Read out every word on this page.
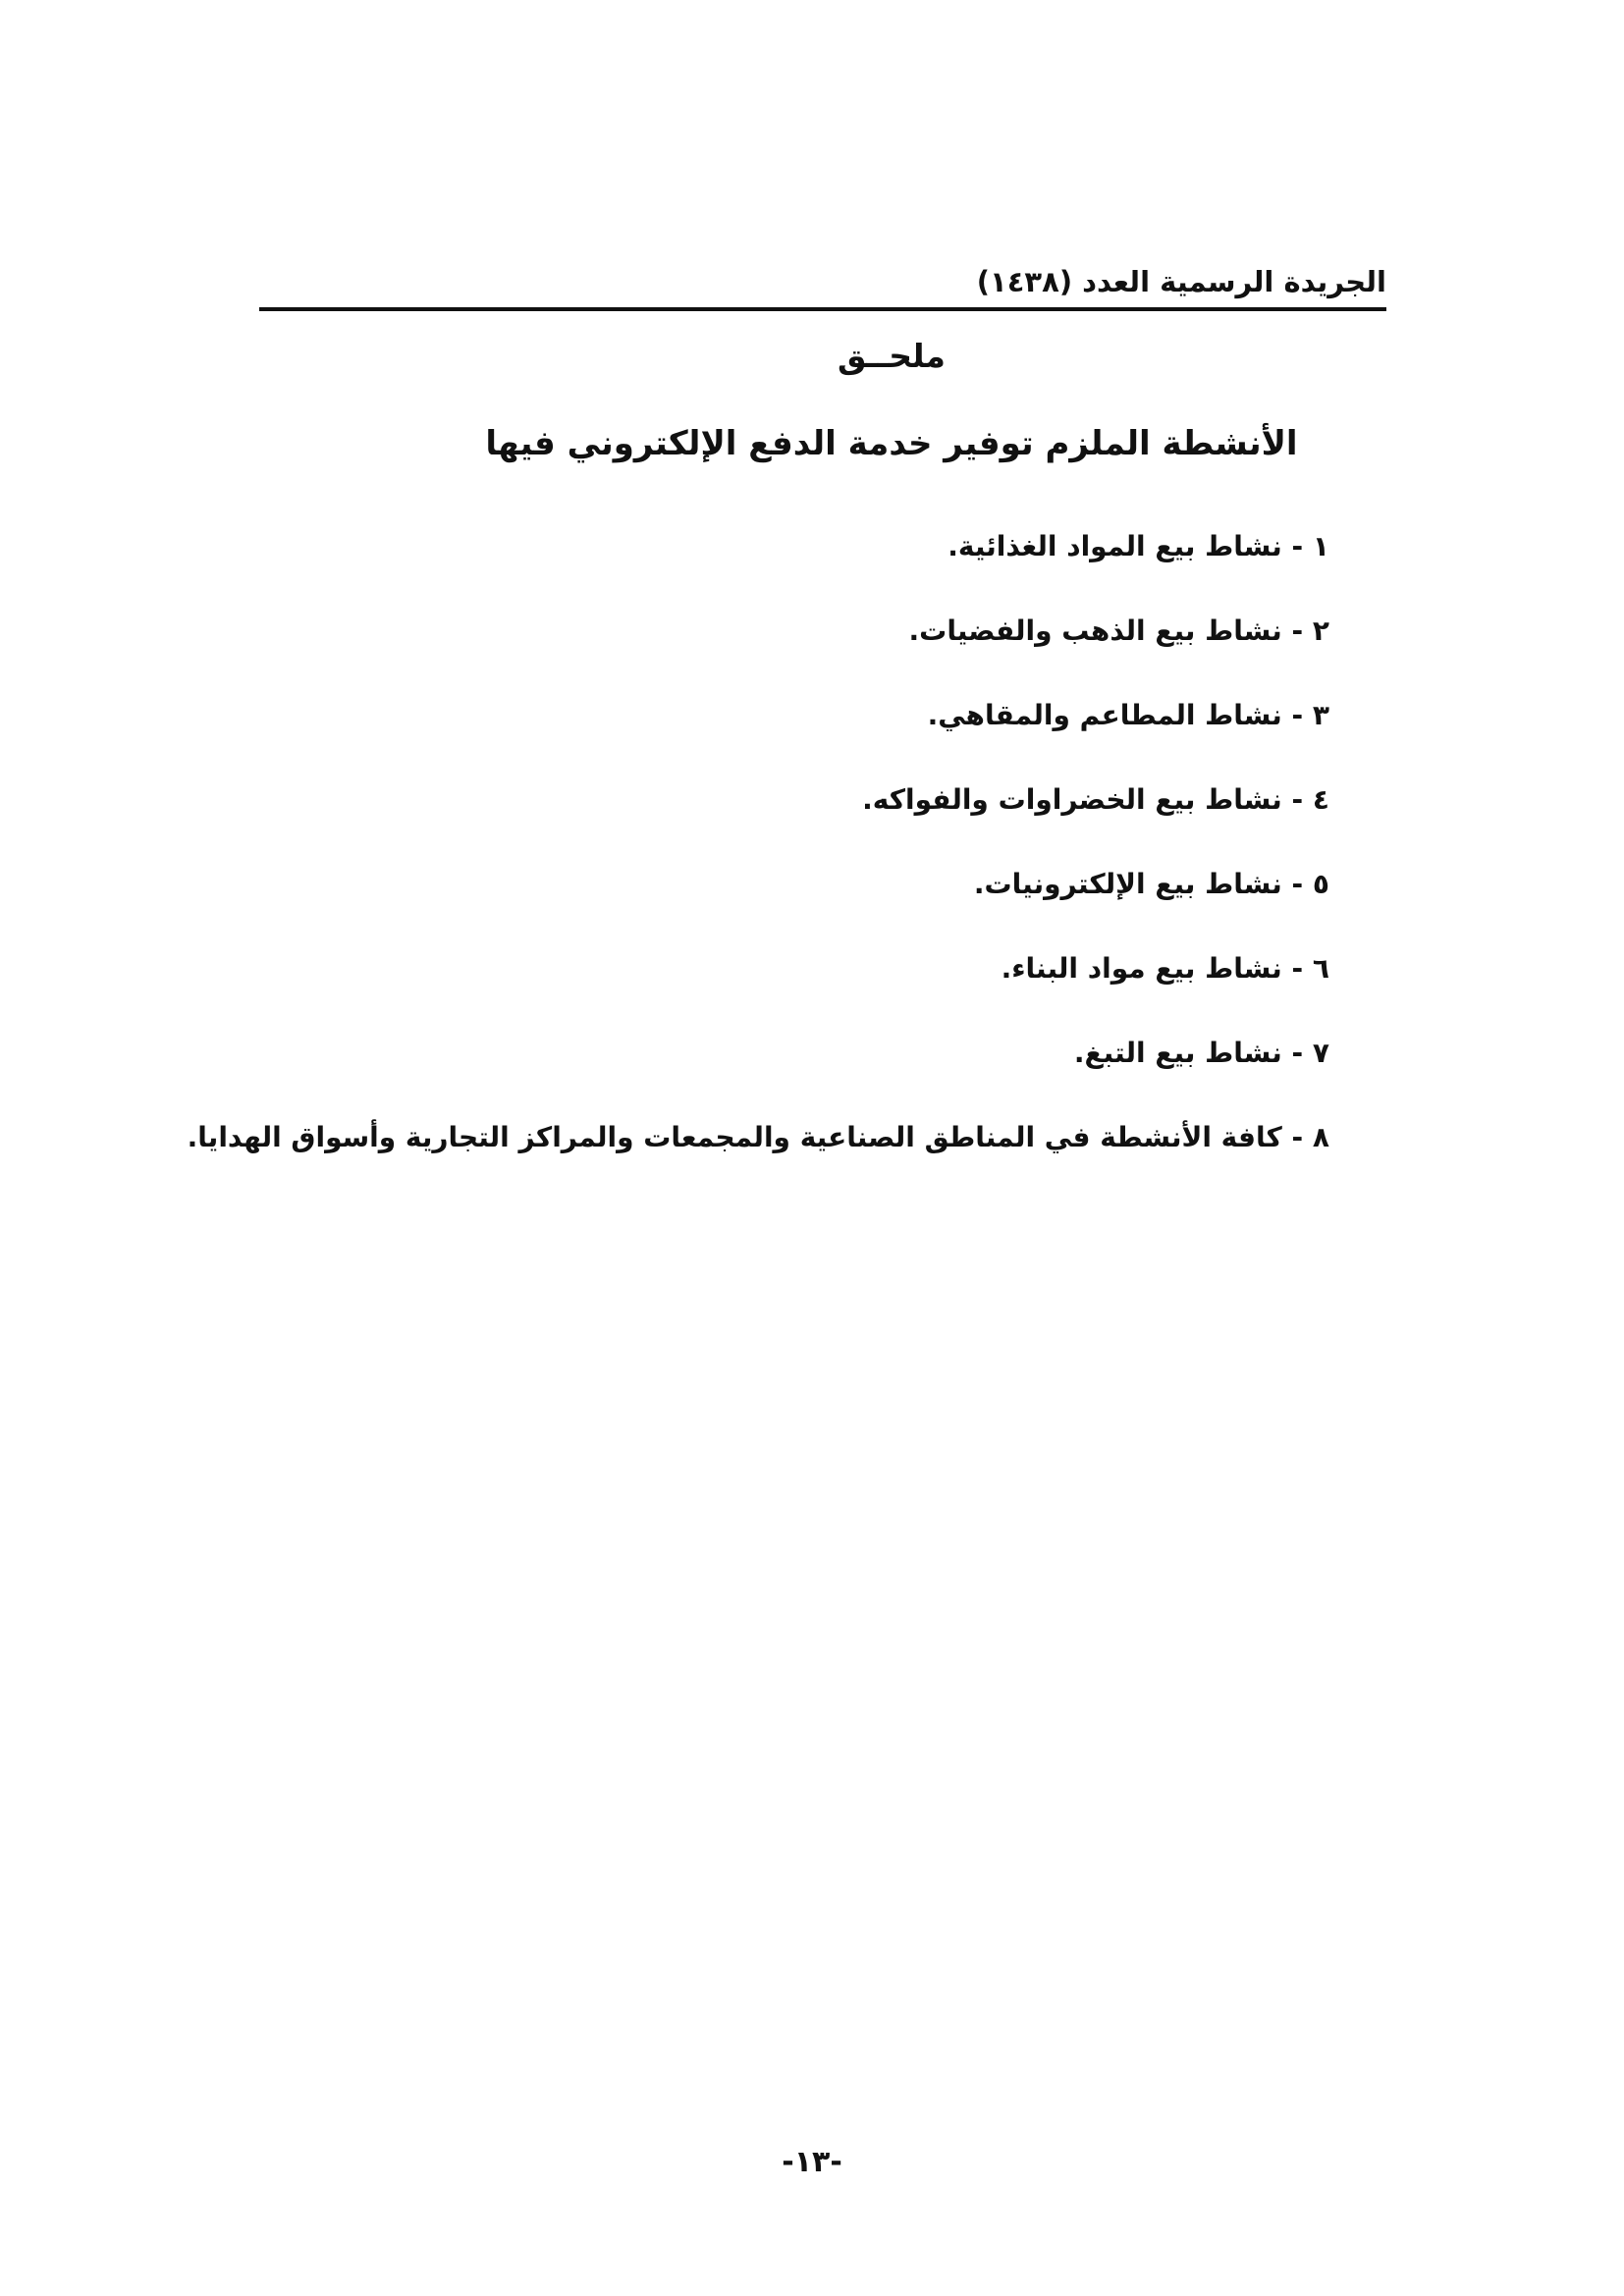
الجريدة الرسمية العدد (١٤٣٨)
ملحــق
الأنشطة الملزم توفير خدمة الدفع الإلكتروني فيها
١ - نشاط بيع المواد الغذائية.
٢ - نشاط بيع الذهب والفضيات.
٣ - نشاط المطاعم والمقاهي.
٤ - نشاط بيع الخضراوات والفواكه.
٥ - نشاط بيع الإلكترونيات.
٦ - نشاط بيع مواد البناء.
٧ - نشاط بيع التبغ.
٨ - كافة الأنشطة في المناطق الصناعية والمجمعات والمراكز التجارية وأسواق الهدايا.
-١٣-
